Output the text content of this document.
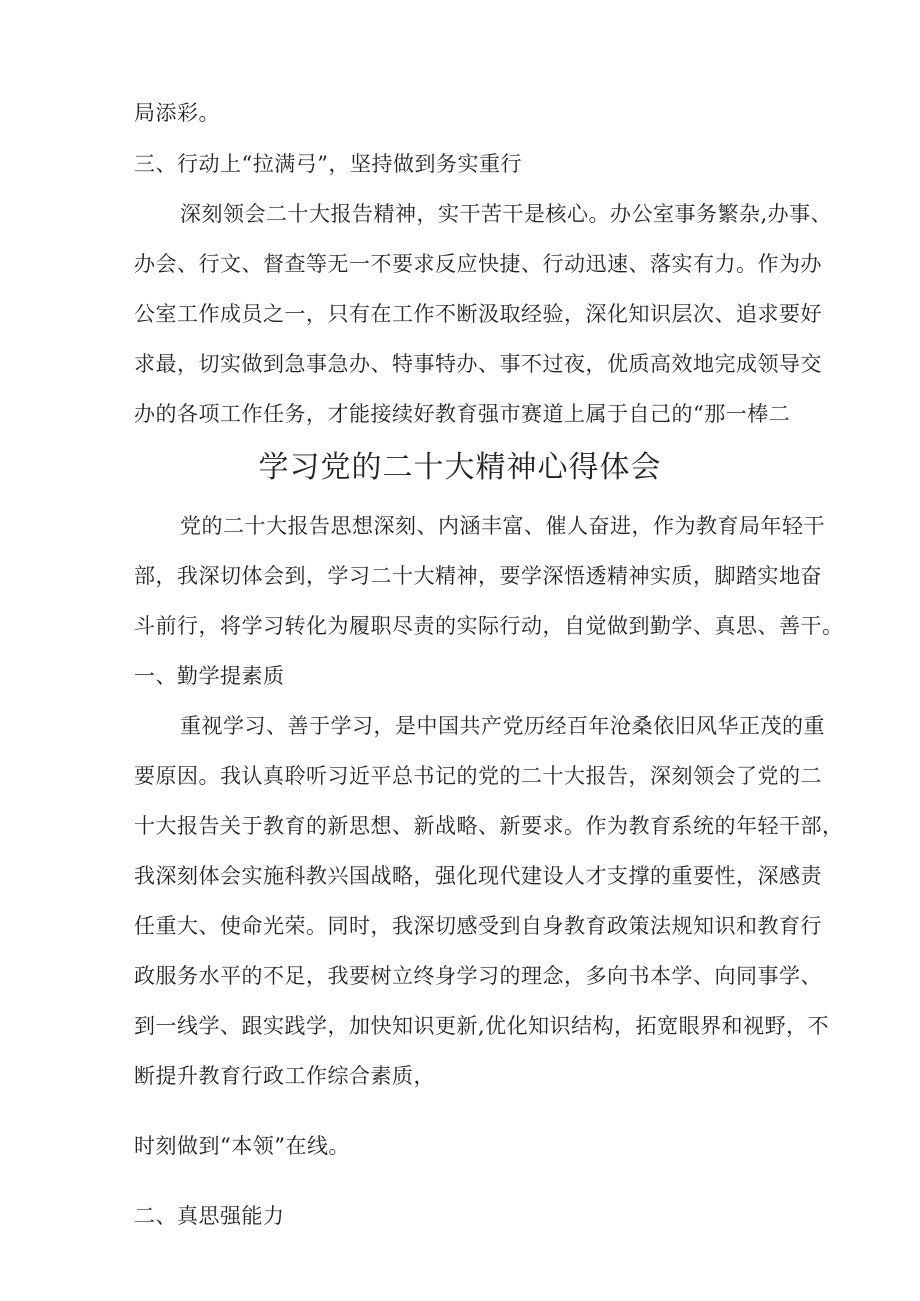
局添彩。
三、行动上“拉满弓”，坚持做到务实重行
深刻领会二十大报告精神，实干苦干是核心。办公室事务繁杂,办事、
办会、行文、督查等无一不要求反应快捷、行动迅速、落实有力。作为办
公室工作成员之一，只有在工作不断汲取经验，深化知识层次、追求要好
求最，切实做到急事急办、特事特办、事不过夜，优质高效地完成领导交
办的各项工作任务，才能接续好教育强市赛道上属于自己的“那一棒二
学习党的二十大精神心得体会
党的二十大报告思想深刻、内涵丰富、催人奋进，作为教育局年轻干
部，我深切体会到，学习二十大精神，要学深悟透精神实质，脚踏实地奋
斗前行，将学习转化为履职尽责的实际行动，自觉做到勤学、真思、善干。
一、勤学提素质
重视学习、善于学习，是中国共产党历经百年沧桑依旧风华正茂的重
要原因。我认真聆听习近平总书记的党的二十大报告，深刻领会了党的二
十大报告关于教育的新思想、新战略、新要求。作为教育系统的年轻干部，
我深刻体会实施科教兴国战略，强化现代建设人才支撑的重要性，深感责
任重大、使命光荣。同时，我深切感受到自身教育政策法规知识和教育行
政服务水平的不足，我要树立终身学习的理念，多向书本学、向同事学、
到一线学、跟实践学，加快知识更新,优化知识结构，拓宽眼界和视野，不
断提升教育行政工作综合素质，
时刻做到“本领”在线。
二、真思强能力
